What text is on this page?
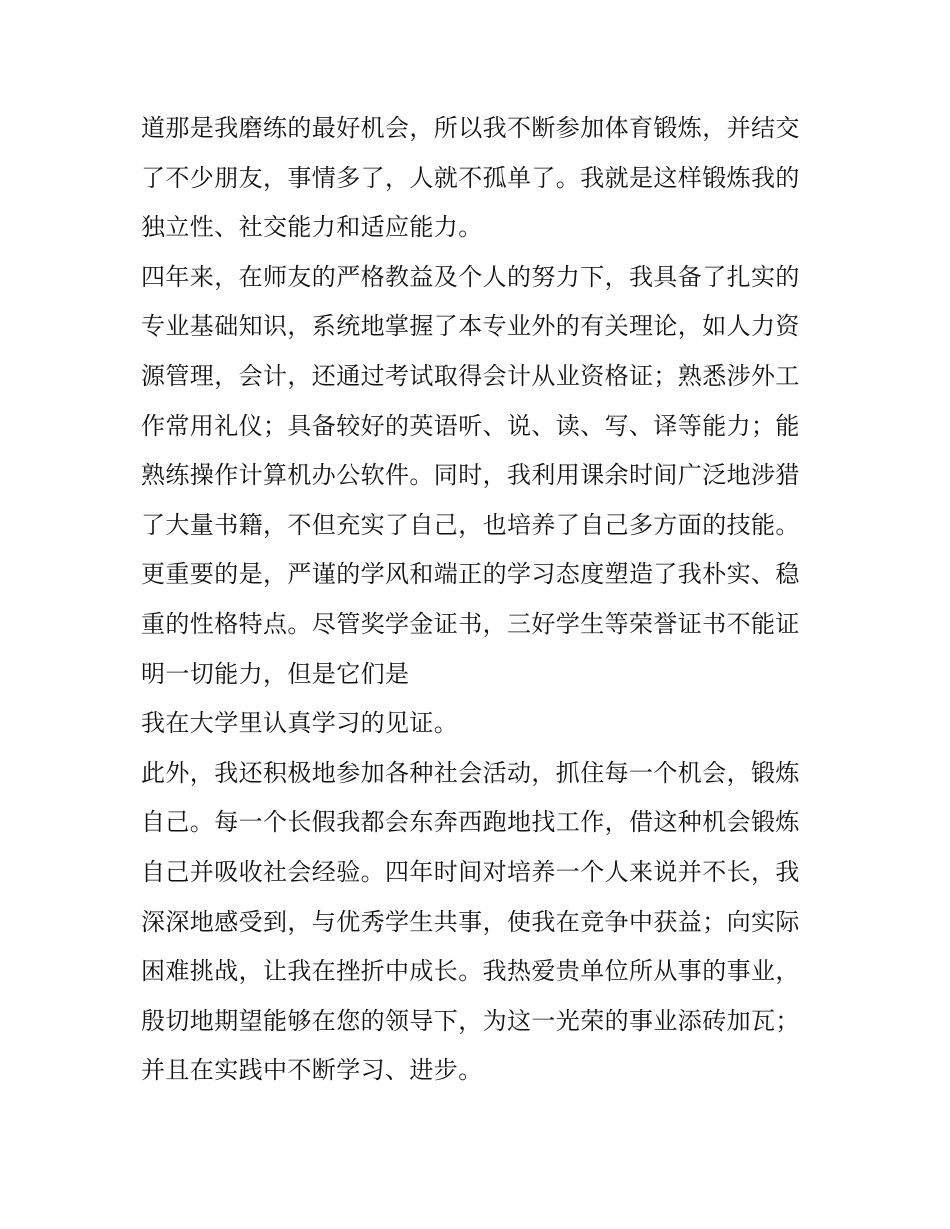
道那是我磨练的最好机会，所以我不断参加体育锻炼，并结交
了不少朋友，事情多了，人就不孤单了。我就是这样锻炼我的
独立性、社交能力和适应能力。
四年来，在师友的严格教益及个人的努力下，我具备了扎实的
专业基础知识，系统地掌握了本专业外的有关理论，如人力资
源管理，会计，还通过考试取得会计从业资格证；熟悉涉外工
作常用礼仪；具备较好的英语听、说、读、写、译等能力；能
熟练操作计算机办公软件。同时，我利用课余时间广泛地涉猎
了大量书籍，不但充实了自己，也培养了自己多方面的技能。
更重要的是，严谨的学风和端正的学习态度塑造了我朴实、稳
重的性格特点。尽管奖学金证书，三好学生等荣誉证书不能证
明一切能力，但是它们是
我在大学里认真学习的见证。
此外，我还积极地参加各种社会活动，抓住每一个机会，锻炼
自己。每一个长假我都会东奔西跑地找工作，借这种机会锻炼
自己并吸收社会经验。四年时间对培养一个人来说并不长，我
深深地感受到，与优秀学生共事，使我在竞争中获益；向实际
困难挑战，让我在挫折中成长。我热爱贵单位所从事的事业，
殷切地期望能够在您的领导下，为这一光荣的事业添砖加瓦；
并且在实践中不断学习、进步。
